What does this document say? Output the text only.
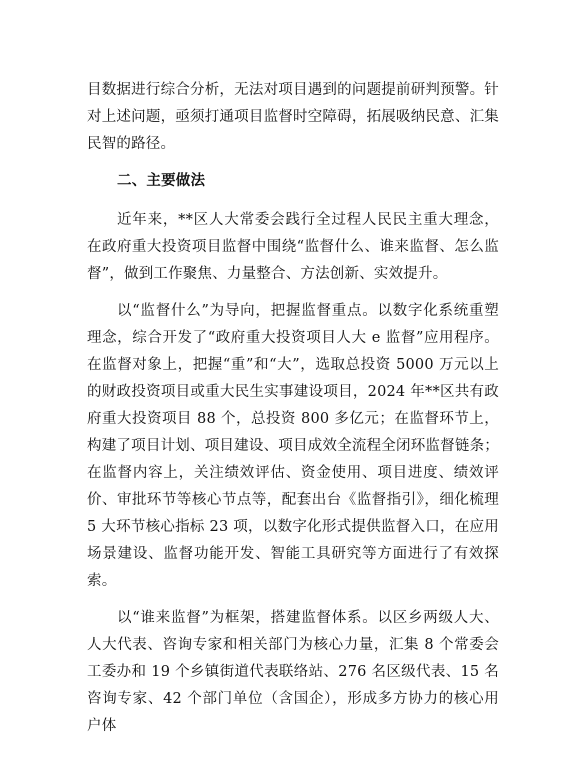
目数据进行综合分析，无法对项目遇到的问题提前研判预警。针对上述问题，亟须打通项目监督时空障碍，拓展吸纳民意、汇集民智的路径。

二、主要做法

近年来，**区人大常委会践行全过程人民民主重大理念，在政府重大投资项目监督中围绕“监督什么、谁来监督、怎么监督”，做到工作聚焦、力量整合、方法创新、实效提升。

以“监督什么”为导向，把握监督重点。以数字化系统重塑理念，综合开发了“政府重大投资项目人大 e 监督”应用程序。在监督对象上，把握“重”和“大”，选取总投资 5000 万元以上的财政投资项目或重大民生实事建设项目，2024 年**区共有政府重大投资项目 88 个，总投资 800 多亿元；在监督环节上，构建了项目计划、项目建设、项目成效全流程全闭环监督链条；在监督内容上，关注绩效评估、资金使用、项目进度、绩效评价、审批环节等核心节点等，配套出台《监督指引》，细化梳理 5 大环节核心指标 23 项，以数字化形式提供监督入口，在应用场景建设、监督功能开发、智能工具研究等方面进行了有效探索。

以“谁来监督”为框架，搭建监督体系。以区乡两级人大、人大代表、咨询专家和相关部门为核心力量，汇集 8 个常委会工委办和 19 个乡镇街道代表联络站、276 名区级代表、15 名咨询专家、42 个部门单位（含国企），形成多方协力的核心用户体
